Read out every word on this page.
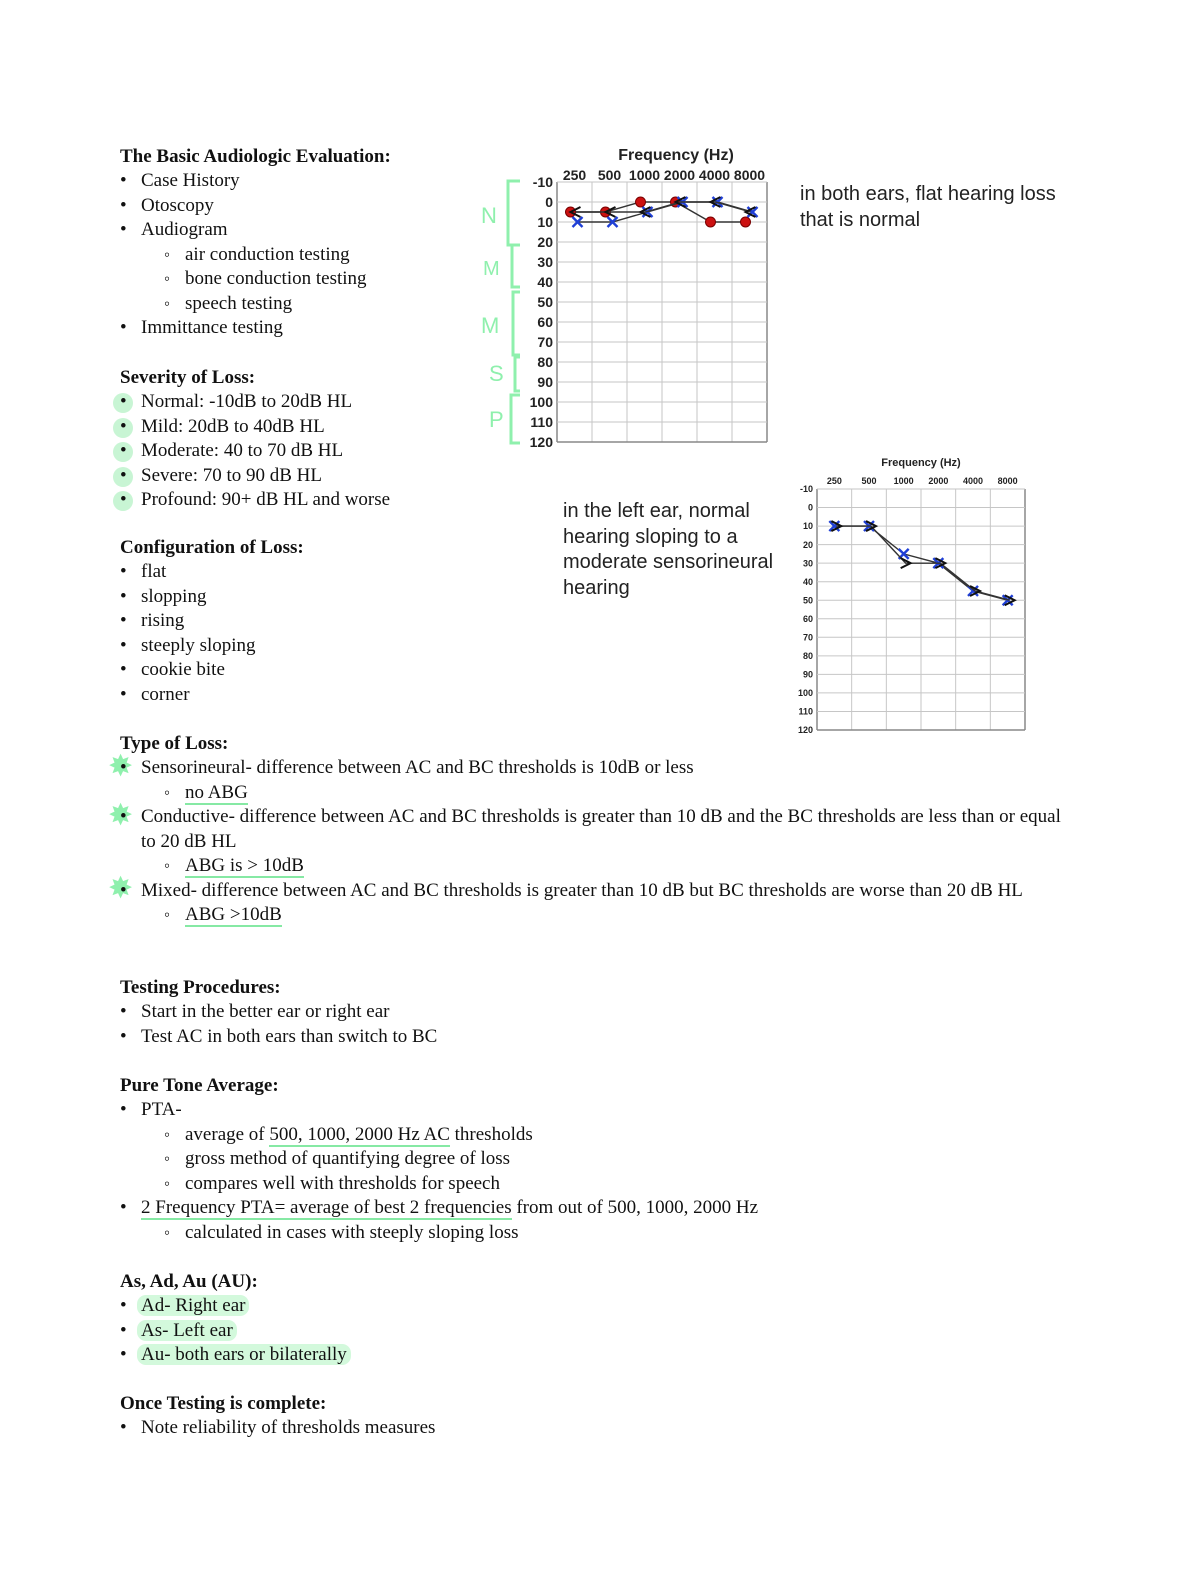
The Basic Audiologic Evaluation:

• Case History
• Otoscopy
• Audiogram
◦ air conduction testing
◦ bone conduction testing
◦ speech testing
• Immittance testing

Severity of Loss:

• Normal: -10dB to 20dB HL
• Mild: 20dB to 40dB HL
• Moderate: 40 to 70 dB HL
• Severe: 70 to 90 dB HL
• Profound: 90+ dB HL and worse

Configuration of Loss:

• flat
• slopping
• rising
• steeply sloping
• cookie bite
• corner
✸
✸
✸

Type of Loss:

• Sensorineural- difference between AC and BC thresholds is 10dB or less
◦ no ABG
• Conductive- difference between AC and BC thresholds is greater than 10 dB and the BC thresholds are less than or equal to 20 dB HL
◦ ABG is > 10dB
• Mixed- difference between AC and BC thresholds is greater than 10 dB but BC thresholds are worse than 20 dB HL
◦ ABG >10dB

Testing Procedures:

• Start in the better ear or right ear
• Test AC in both ears than switch to BC

Pure Tone Average:

• PTA-
◦ average of 500, 1000, 2000 Hz AC thresholds
◦ gross method of quantifying degree of loss
◦ compares well with thresholds for speech
• 2 Frequency PTA= average of best 2 frequencies from out of 500, 1000, 2000 Hz
◦ calculated in cases with steeply sloping loss

As, Ad, Au (AU):

• Ad- Right ear
• As- Left ear
• Au- both ears or bilaterally

Once Testing is complete:

• Note reliability of thresholds measures
in both ears, flat hearing loss that is normal
in the left ear, normal hearing sloping to a moderate sensorineural hearing
N
M
M
S
P
Frequency (Hz)
-10
0
10
20
30
40
50
60
70
80
90
100
110
120
250 500 1000 2000 4000 8000
Frequency (Hz)
-10
0
10
20
30
40
50
60
70
80
90
100
110
120
250 500 1000 2000 4000 8000
